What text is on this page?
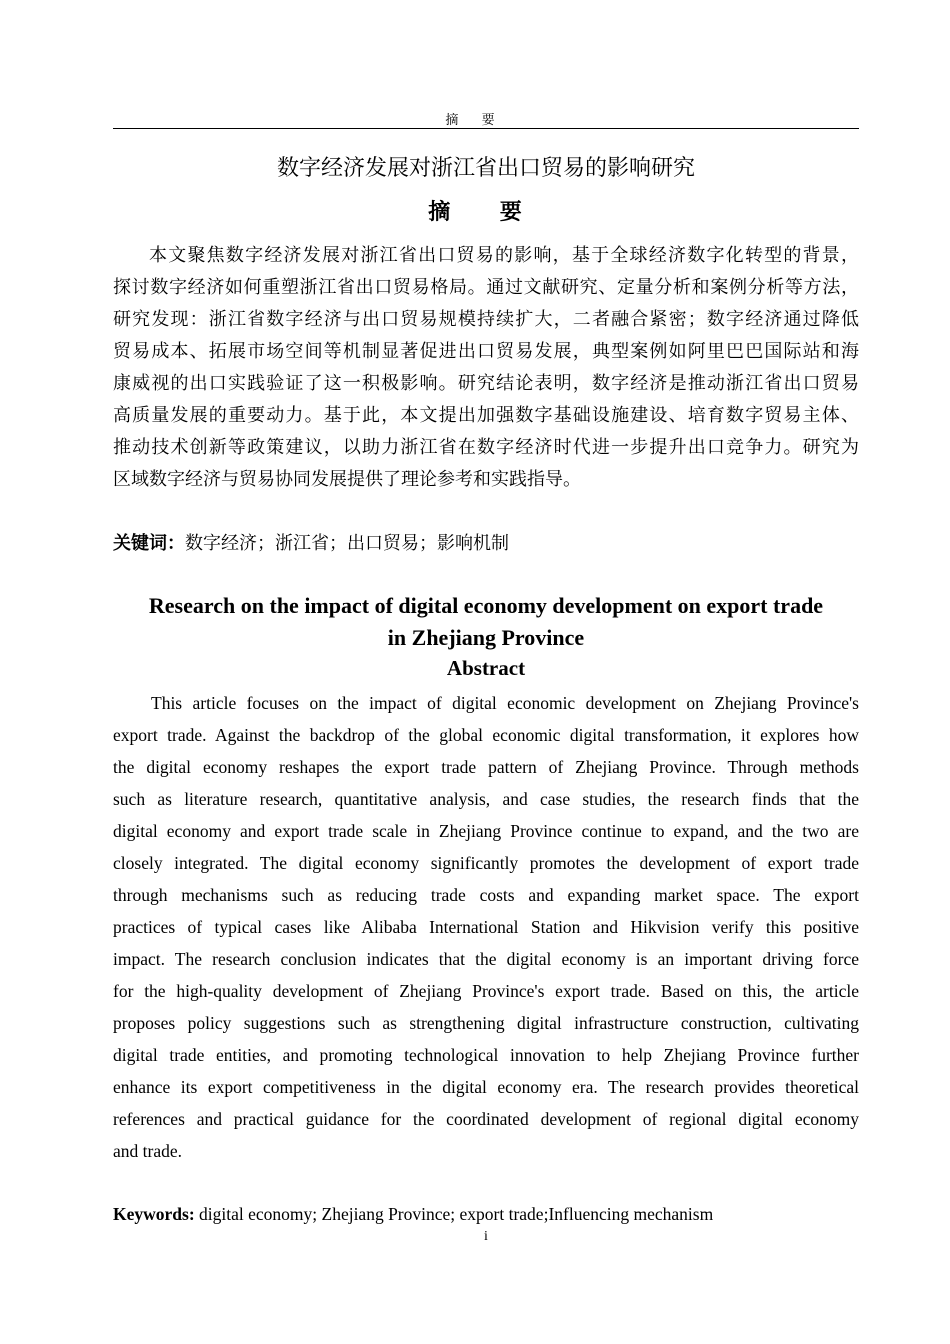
摘 要
数字经济发展对浙江省出口贸易的影响研究
摘 要
本文聚焦数字经济发展对浙江省出口贸易的影响，基于全球经济数字化转型的背景，
探讨数字经济如何重塑浙江省出口贸易格局。通过文献研究、定量分析和案例分析等方法，
研究发现：浙江省数字经济与出口贸易规模持续扩大，二者融合紧密；数字经济通过降低
贸易成本、拓展市场空间等机制显著促进出口贸易发展，典型案例如阿里巴巴国际站和海
康威视的出口实践验证了这一积极影响。研究结论表明，数字经济是推动浙江省出口贸易
高质量发展的重要动力。基于此，本文提出加强数字基础设施建设、培育数字贸易主体、
推动技术创新等政策建议，以助力浙江省在数字经济时代进一步提升出口竞争力。研究为
区域数字经济与贸易协同发展提供了理论参考和实践指导。
关键词：数字经济；浙江省；出口贸易；影响机制
Research on the impact of digital economy development on export trade
in Zhejiang Province
Abstract
This article focuses on the impact of digital economic development on Zhejiang Province's
export trade. Against the backdrop of the global economic digital transformation, it explores how
the digital economy reshapes the export trade pattern of Zhejiang Province. Through methods
such as literature research, quantitative analysis, and case studies, the research finds that the
digital economy and export trade scale in Zhejiang Province continue to expand, and the two are
closely integrated. The digital economy significantly promotes the development of export trade
through mechanisms such as reducing trade costs and expanding market space. The export
practices of typical cases like Alibaba International Station and Hikvision verify this positive
impact. The research conclusion indicates that the digital economy is an important driving force
for the high-quality development of Zhejiang Province's export trade. Based on this, the article
proposes policy suggestions such as strengthening digital infrastructure construction, cultivating
digital trade entities, and promoting technological innovation to help Zhejiang Province further
enhance its export competitiveness in the digital economy era. The research provides theoretical
references and practical guidance for the coordinated development of regional digital economy
and trade.
Keywords: digital economy; Zhejiang Province; export trade;Influencing mechanism
i
